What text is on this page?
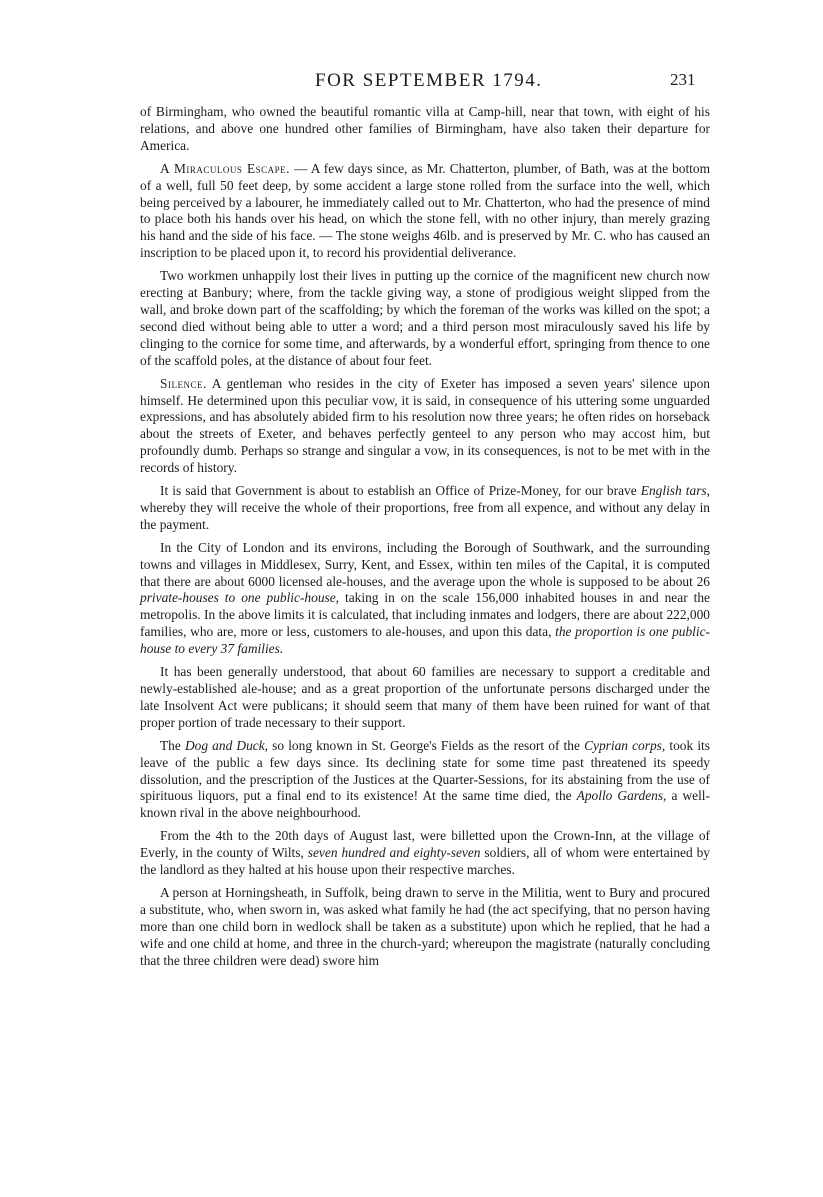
FOR SEPTEMBER 1794.	231

of Birmingham, who owned the beautiful romantic villa at Camp-hill, near that town, with eight of his relations, and above one hundred other families of Birmingham, have also taken their departure for America.

A Miraculous Escape. — A few days since, as Mr. Chatterton, plumber, of Bath, was at the bottom of a well, full 50 feet deep, by some accident a large stone rolled from the surface into the well, which being perceived by a labourer, he immediately called out to Mr. Chatterton, who had the presence of mind to place both his hands over his head, on which the stone fell, with no other injury, than merely grazing his hand and the side of his face. — The stone weighs 46lb. and is preserved by Mr. C. who has caused an inscription to be placed upon it, to record his providential deliverance.

Two workmen unhappily lost their lives in putting up the cornice of the magnificent new church now erecting at Banbury; where, from the tackle giving way, a stone of prodigious weight slipped from the wall, and broke down part of the scaffolding; by which the foreman of the works was killed on the spot; a second died without being able to utter a word; and a third person most miraculously saved his life by clinging to the cornice for some time, and afterwards, by a wonderful effort, springing from thence to one of the scaffold poles, at the distance of about four feet.

Silence. A gentleman who resides in the city of Exeter has imposed a seven years' silence upon himself. He determined upon this peculiar vow, it is said, in consequence of his uttering some unguarded expressions, and has absolutely abided firm to his resolution now three years; he often rides on horseback about the streets of Exeter, and behaves perfectly genteel to any person who may accost him, but profoundly dumb. Perhaps so strange and singular a vow, in its consequences, is not to be met with in the records of history.

It is said that Government is about to establish an Office of Prize-Money, for our brave English tars, whereby they will receive the whole of their proportions, free from all expence, and without any delay in the payment.

In the City of London and its environs, including the Borough of Southwark, and the surrounding towns and villages in Middlesex, Surry, Kent, and Essex, within ten miles of the Capital, it is computed that there are about 6000 licensed ale-houses, and the average upon the whole is supposed to be about 26 private-houses to one public-house, taking in on the scale 156,000 inhabited houses in and near the metropolis. In the above limits it is calculated, that including inmates and lodgers, there are about 222,000 families, who are, more or less, customers to ale-houses, and upon this data, the proportion is one public-house to every 37 families.

It has been generally understood, that about 60 families are necessary to support a creditable and newly-established ale-house; and as a great proportion of the unfortunate persons discharged under the late Insolvent Act were publicans; it should seem that many of them have been ruined for want of that proper portion of trade necessary to their support.

The Dog and Duck, so long known in St. George's Fields as the resort of the Cyprian corps, took its leave of the public a few days since. Its declining state for some time past threatened its speedy dissolution, and the prescription of the Justices at the Quarter-Sessions, for its abstaining from the use of spirituous liquors, put a final end to its existence! At the same time died, the Apollo Gardens, a well-known rival in the above neighbourhood.

From the 4th to the 20th days of August last, were billetted upon the Crown-Inn, at the village of Everly, in the county of Wilts, seven hundred and eighty-seven soldiers, all of whom were entertained by the landlord as they halted at his house upon their respective marches.

A person at Horningsheath, in Suffolk, being drawn to serve in the Militia, went to Bury and procured a substitute, who, when sworn in, was asked what family he had (the act specifying, that no person having more than one child born in wedlock shall be taken as a substitute) upon which he replied, that he had a wife and one child at home, and three in the church-yard; whereupon the magistrate (naturally concluding that the three children were dead) swore him
